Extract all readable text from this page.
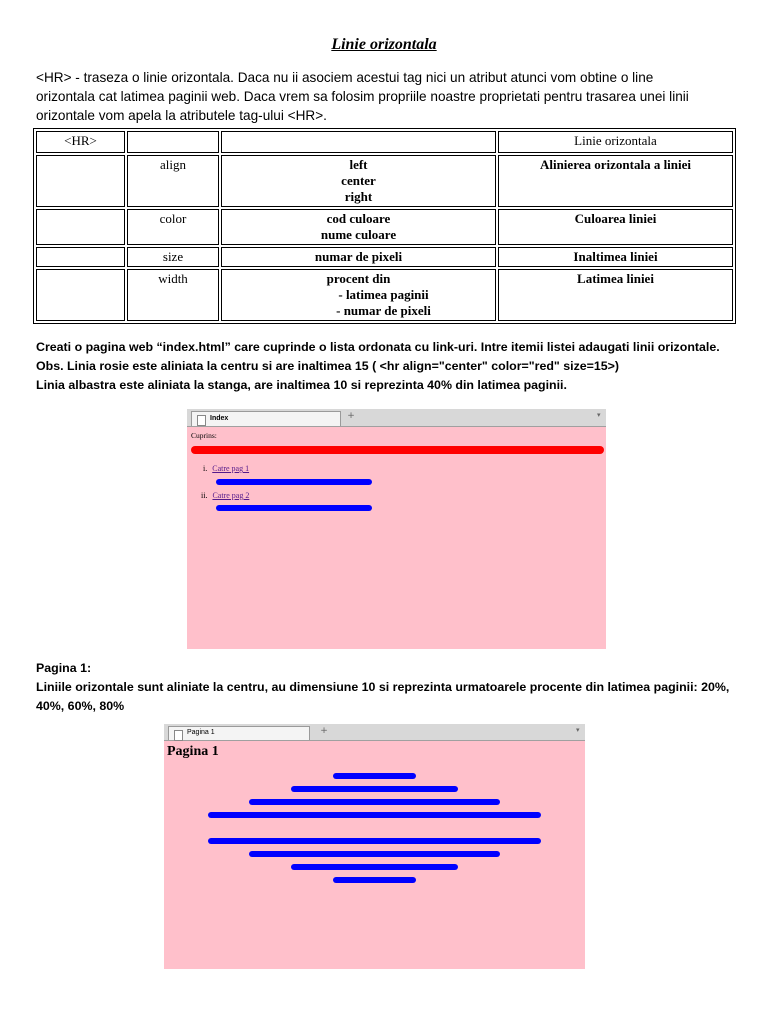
Linie orizontala

<HR> - traseza o linie orizontala. Daca nu ii asociem acestui tag nici un atribut atunci vom obtine o line

orizontala cat latimea paginii web. Daca vrem sa folosim propriile noastre proprietati pentru trasarea unei linii

orizontale vom apela la atributele tag-ului <HR>.

<HR>			Linie orizontala
	align	left
center
right	Alinierea orizontala a liniei
	color	cod culoare
nume culoare	Culoarea liniei
	size	numar de pixeli	Inaltimea liniei
	width	procent din

- latimea paginii
- numar de pixeli	Latimea liniei

Creati o pagina web “index.html” care cuprinde o lista ordonata cu link-uri. Intre itemii listei adaugati linii orizontale.

Obs. Linia rosie este aliniata la centru si are inaltimea 15 ( <hr align="center" color="red" size=15>)

Linia albastra este aliniata la stanga, are inaltimea 10 si reprezinta 40% din latimea paginii.

Index	+	▾
Cuprins:
i. Catre pag 1
ii. Catre pag 2

Pagina 1:

Liniile orizontale sunt aliniate la centru, au dimensiune 10 si reprezinta urmatoarele procente din latimea paginii: 20%,

40%, 60%, 80%

Pagina 1	+	▾
Pagina 1
